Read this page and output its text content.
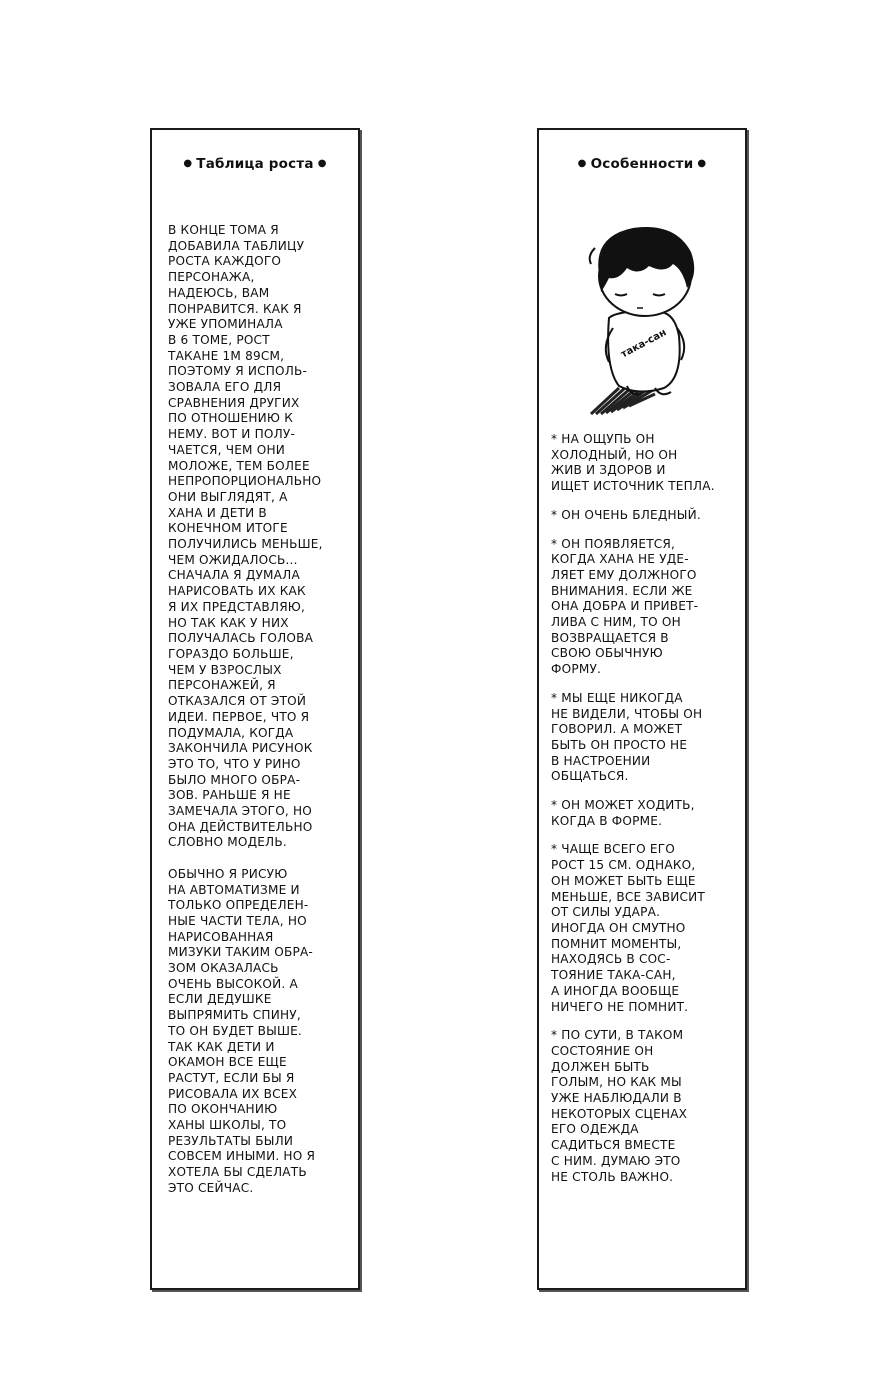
● Таблица роста ●

В КОНЦЕ ТОМА Я
ДОБАВИЛА ТАБЛИЦУ
РОСТА КАЖДОГО
ПЕРСОНАЖА,
НАДЕЮСЬ, ВАМ
ПОНРАВИТСЯ. КАК Я
УЖЕ УПОМИНАЛА
В 6 ТОМЕ, РОСТ
ТАКАНЕ 1М 89СМ,
ПОЭТОМУ Я ИСПОЛЬ-
ЗОВАЛА ЕГО ДЛЯ
СРАВНЕНИЯ ДРУГИХ
ПО ОТНОШЕНИЮ К
НЕМУ. ВОТ И ПОЛУ-
ЧАЕТСЯ, ЧЕМ ОНИ
МОЛОЖЕ, ТЕМ БОЛЕЕ
НЕПРОПОРЦИОНАЛЬНО
ОНИ ВЫГЛЯДЯТ, А
ХАНА И ДЕТИ В
КОНЕЧНОМ ИТОГЕ
ПОЛУЧИЛИСЬ МЕНЬШЕ,
ЧЕМ ОЖИДАЛОСЬ...
СНАЧАЛА Я ДУМАЛА
НАРИСОВАТЬ ИХ КАК
Я ИХ ПРЕДСТАВЛЯЮ,
НО ТАК КАК У НИХ
ПОЛУЧАЛАСЬ ГОЛОВА
ГОРАЗДО БОЛЬШЕ,
ЧЕМ У ВЗРОСЛЫХ
ПЕРСОНАЖЕЙ, Я
ОТКАЗАЛСЯ ОТ ЭТОЙ
ИДЕИ. ПЕРВОЕ, ЧТО Я
ПОДУМАЛА, КОГДА
ЗАКОНЧИЛА РИСУНОК
ЭТО ТО, ЧТО У РИНО
БЫЛО МНОГО ОБРА-
ЗОВ. РАНЬШЕ Я НЕ
ЗАМЕЧАЛА ЭТОГО, НО
ОНА ДЕЙСТВИТЕЛЬНО
СЛОВНО МОДЕЛЬ.

ОБЫЧНО Я РИСУЮ
НА АВТОМАТИЗМЕ И
ТОЛЬКО ОПРЕДЕЛЕН-
НЫЕ ЧАСТИ ТЕЛА, НО
НАРИСОВАННАЯ
МИЗУКИ ТАКИМ ОБРА-
ЗОМ ОКАЗАЛАСЬ
ОЧЕНЬ ВЫСОКОЙ. А
ЕСЛИ ДЕДУШКЕ
ВЫПРЯМИТЬ СПИНУ,
ТО ОН БУДЕТ ВЫШЕ.
ТАК КАК ДЕТИ И
ОКАМОН ВСЕ ЕЩЕ
РАСТУТ, ЕСЛИ БЫ Я
РИСОВАЛА ИХ ВСЕХ
ПО ОКОНЧАНИЮ
ХАНЫ ШКОЛЫ, ТО
РЕЗУЛЬТАТЫ БЫЛИ
СОВСЕМ ИНЫМИ. НО Я
ХОТЕЛА БЫ СДЕЛАТЬ
ЭТО СЕЙЧАС.

● Особенности ●
така-сан

* НА ОЩУПЬ ОН
ХОЛОДНЫЙ, НО ОН
ЖИВ И ЗДОРОВ И
ИЩЕТ ИСТОЧНИК ТЕПЛА.

* ОН ОЧЕНЬ БЛЕДНЫЙ.

* ОН ПОЯВЛЯЕТСЯ,
КОГДА ХАНА НЕ УДЕ-
ЛЯЕТ ЕМУ ДОЛЖНОГО
ВНИМАНИЯ. ЕСЛИ ЖЕ
ОНА ДОБРА И ПРИВЕТ-
ЛИВА С НИМ, ТО ОН
ВОЗВРАЩАЕТСЯ В
СВОЮ ОБЫЧНУЮ
ФОРМУ.

* МЫ ЕЩЕ НИКОГДА
НЕ ВИДЕЛИ, ЧТОБЫ ОН
ГОВОРИЛ. А МОЖЕТ
БЫТЬ ОН ПРОСТО НЕ
В НАСТРОЕНИИ
ОБЩАТЬСЯ.

* ОН МОЖЕТ ХОДИТЬ,
КОГДА В ФОРМЕ.

* ЧАЩЕ ВСЕГО ЕГО
РОСТ 15 СМ. ОДНАКО,
ОН МОЖЕТ БЫТЬ ЕЩЕ
МЕНЬШЕ, ВСЕ ЗАВИСИТ
ОТ СИЛЫ УДАРА.
ИНОГДА ОН СМУТНО
ПОМНИТ МОМЕНТЫ,
НАХОДЯСЬ В СОС-
ТОЯНИЕ ТАКА-САН,
А ИНОГДА ВООБЩЕ
НИЧЕГО НЕ ПОМНИТ.

* ПО СУТИ, В ТАКОМ
СОСТОЯНИЕ ОН
ДОЛЖЕН БЫТЬ
ГОЛЫМ, НО КАК МЫ
УЖЕ НАБЛЮДАЛИ В
НЕКОТОРЫХ СЦЕНАХ
ЕГО ОДЕЖДА
САДИТЬСЯ ВМЕСТЕ
С НИМ. ДУМАЮ ЭТО
НЕ СТОЛЬ ВАЖНО.
